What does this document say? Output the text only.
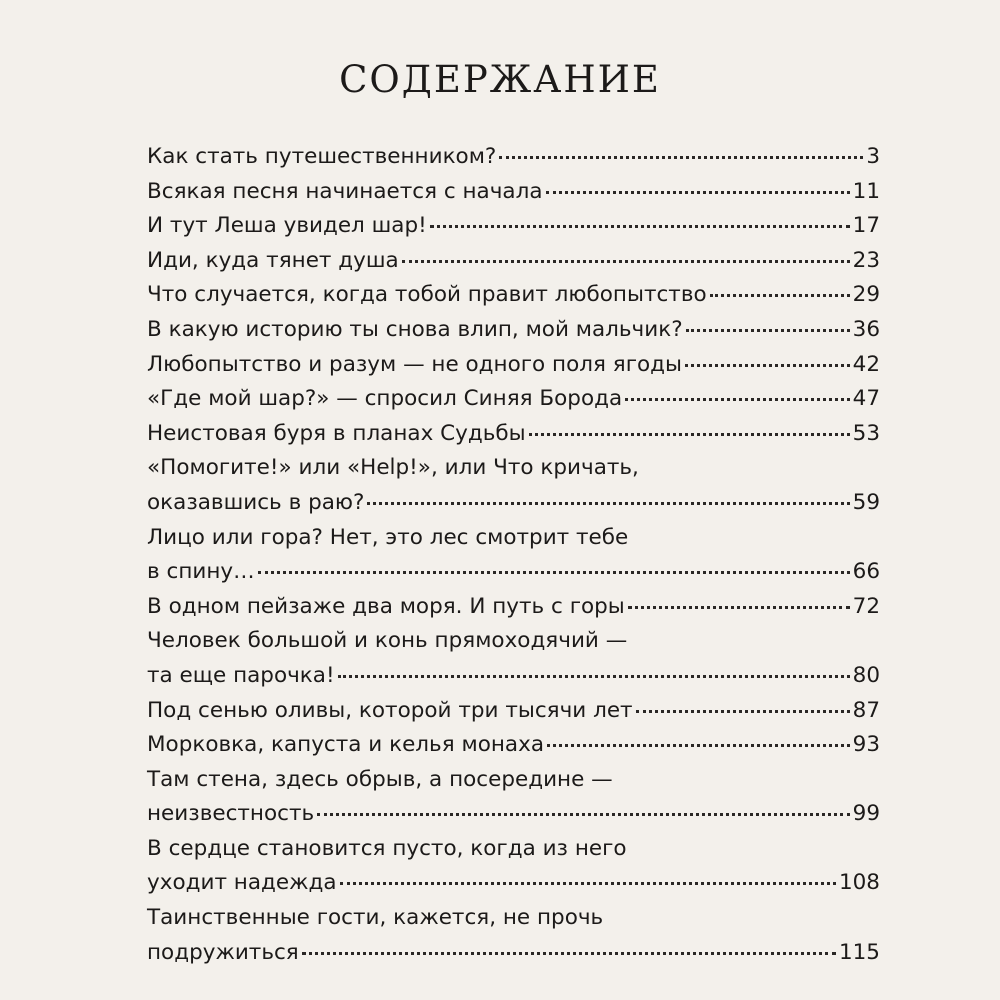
СОДЕРЖАНИЕ
Как стать путешественником?	3
Всякая песня начинается с начала	11
И тут Леша увидел шар!	17
Иди, куда тянет душа	23
Что случается, когда тобой правит любопытство	29
В какую историю ты снова влип, мой мальчик?	36
Любопытство и разум — не одного поля ягоды	42
«Где мой шар?» — спросил Синяя Борода	47
Неистовая буря в планах Судьбы	53
«Помогите!» или «Help!», или Что кричать,
оказавшись в раю?	59
Лицо или гора? Нет, это лес смотрит тебе
в спину…	66
В одном пейзаже два моря. И путь с горы	72
Человек большой и конь прямоходячий —
та еще парочка!	80
Под сенью оливы, которой три тысячи лет	87
Морковка, капуста и келья монаха	93
Там стена, здесь обрыв, а посередине —
неизвестность	99
В сердце становится пусто, когда из него
уходит надежда	108
Таинственные гости, кажется, не прочь
подружиться	115
